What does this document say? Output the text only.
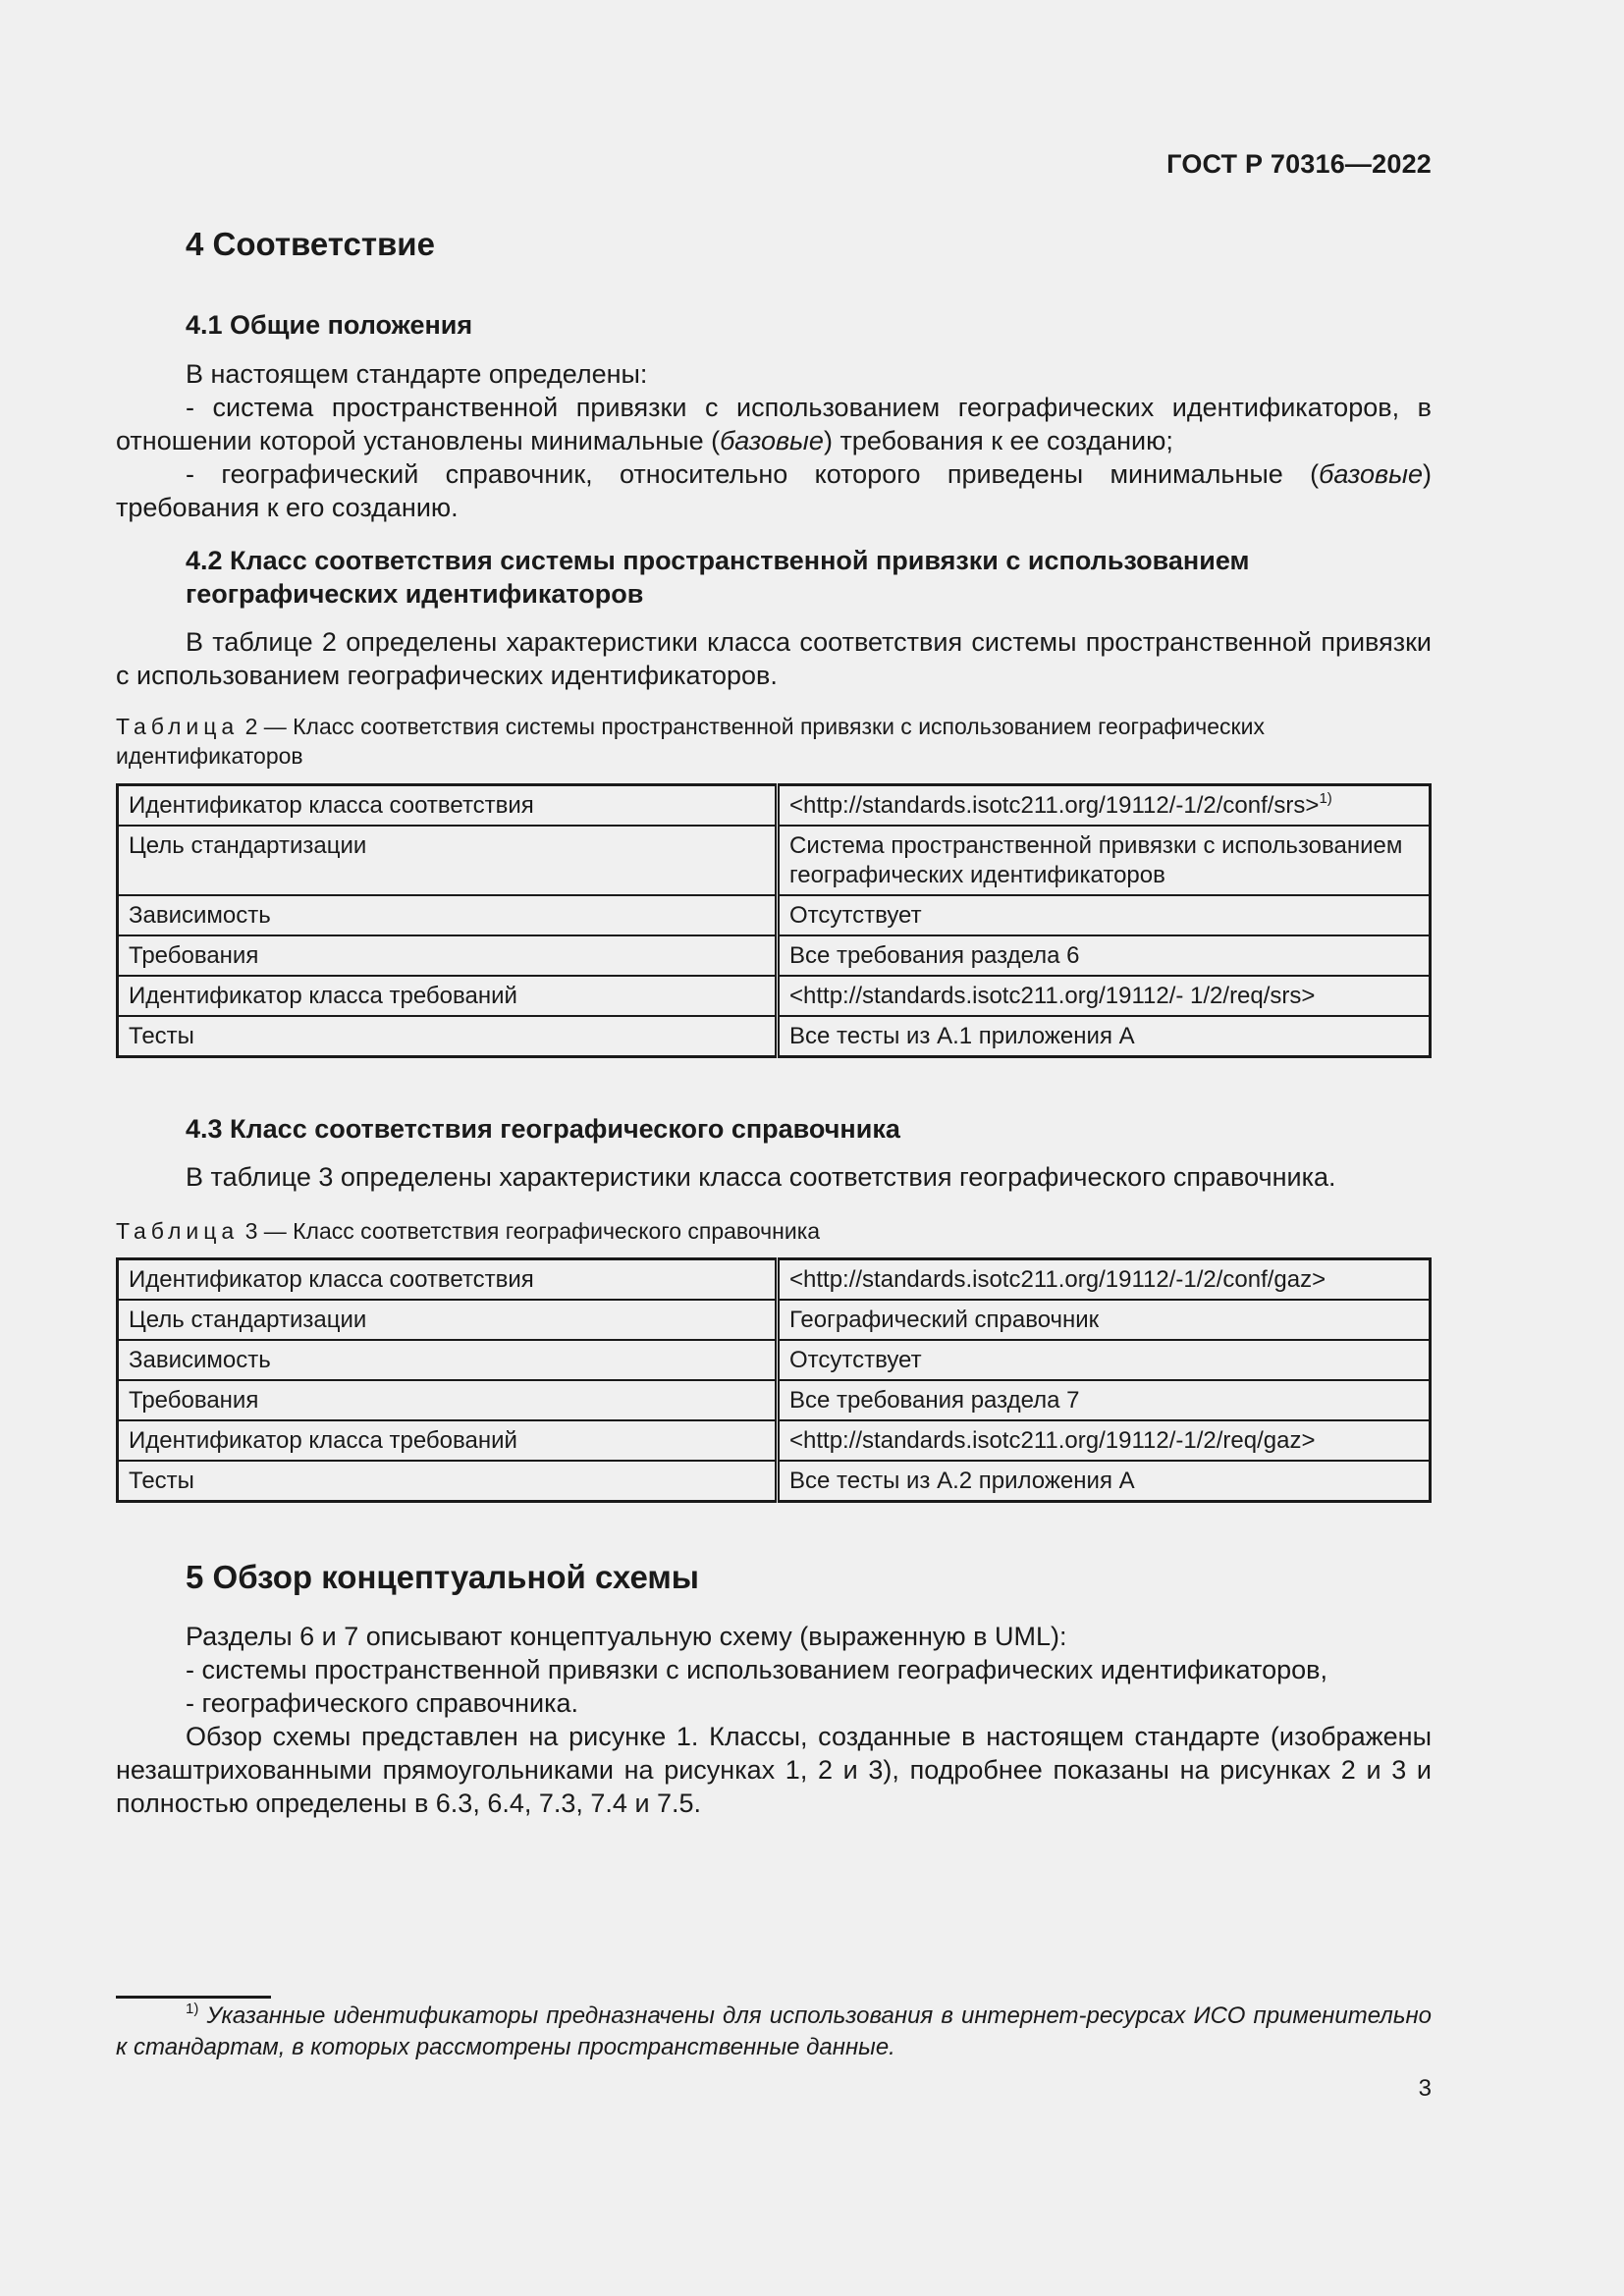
ГОСТ Р 70316—2022
4 Соответствие
4.1 Общие положения

В настоящем стандарте определены:

- система пространственной привязки с использованием географических идентификаторов, в отношении которой установлены минимальные (базовые) требования к ее созданию;

- географический справочник, относительно которого приведены минимальные (базовые) требования к его созданию.

4.2 Класс соответствия системы пространственной привязки с использованием географических идентификаторов

В таблице 2 определены характеристики класса соответствия системы пространственной привязки с использованием географических идентификаторов.

Таблица 2 — Класс соответствия системы пространственной привязки с использованием географических идентификаторов
Идентификатор класса соответствия	<http://standards.isotc211.org/19112/-1/2/conf/srs>$^{1)}$
Цель стандартизации	Система пространственной привязки с использованием географических идентификаторов
Зависимость	Отсутствует
Требования	Все требования раздела 6
Идентификатор класса требований	<http://standards.isotc211.org/19112/- 1/2/req/srs>
Тесты	Все тесты из А.1 приложения А
4.3 Класс соответствия географического справочника

В таблице 3 определены характеристики класса соответствия географического справочника.

Таблица 3 — Класс соответствия географического справочника
Идентификатор класса соответствия	<http://standards.isotc211.org/19112/-1/2/conf/gaz>
Цель стандартизации	Географический справочник
Зависимость	Отсутствует
Требования	Все требования раздела 7
Идентификатор класса требований	<http://standards.isotc211.org/19112/-1/2/req/gaz>
Тесты	Все тесты из А.2 приложения А
5 Обзор концептуальной схемы

Разделы 6 и 7 описывают концептуальную схему (выраженную в UML):

- системы пространственной привязки с использованием географических идентификаторов,

- географического справочника.

Обзор схемы представлен на рисунке 1. Классы, созданные в настоящем стандарте (изображены незаштрихованными прямоугольниками на рисунках 1, 2 и 3), подробнее показаны на рисунках 2 и 3 и полностью определены в 6.3, 6.4, 7.3, 7.4 и 7.5.

$^{1)}$ Указанные идентификаторы предназначены для использования в интернет-ресурсах ИСО применительно к стандартам, в которых рассмотрены пространственные данные.
3
